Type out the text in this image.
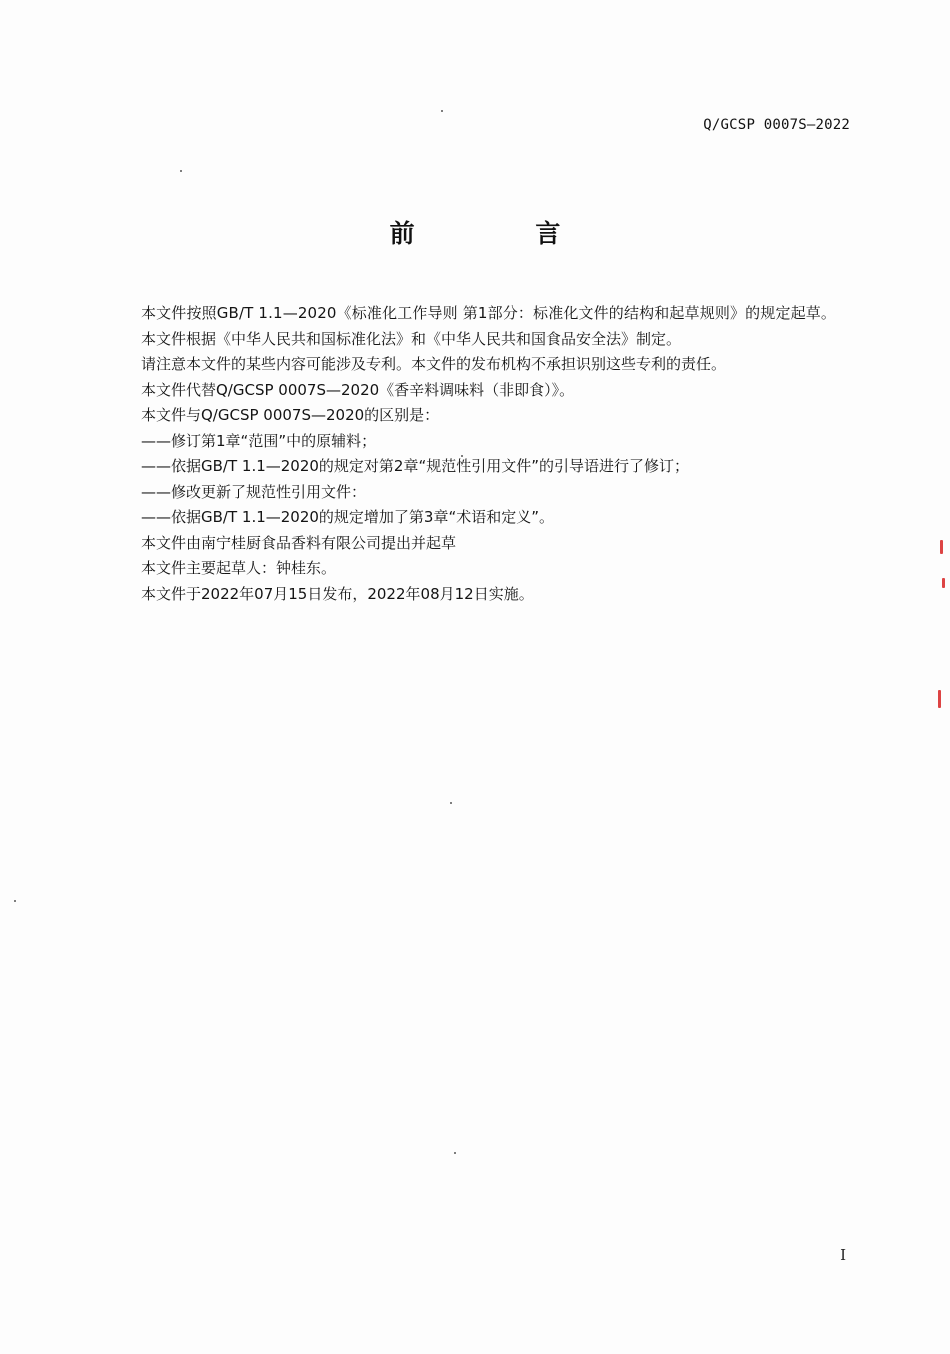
Q/GCSP 0007S—2022
前 言

本文件按照GB/T 1.1—2020《标准化工作导则 第1部分：标准化文件的结构和起草规则》的规定起草。

本文件根据《中华人民共和国标准化法》和《中华人民共和国食品安全法》制定。

请注意本文件的某些内容可能涉及专利。本文件的发布机构不承担识别这些专利的责任。

本文件代替Q/GCSP 0007S—2020《香辛料调味料（非即食）》。

本文件与Q/GCSP 0007S—2020的区别是：

——修订第1章“范围”中的原辅料；

——依据GB/T 1.1—2020的规定对第2章“规范性引用文件”的引导语进行了修订；

——修改更新了规范性引用文件：

——依据GB/T 1.1—2020的规定增加了第3章“术语和定义”。

本文件由南宁桂厨食品香料有限公司提出并起草

本文件主要起草人：钟桂东。

本文件于2022年07月15日发布，2022年08月12日实施。

I
